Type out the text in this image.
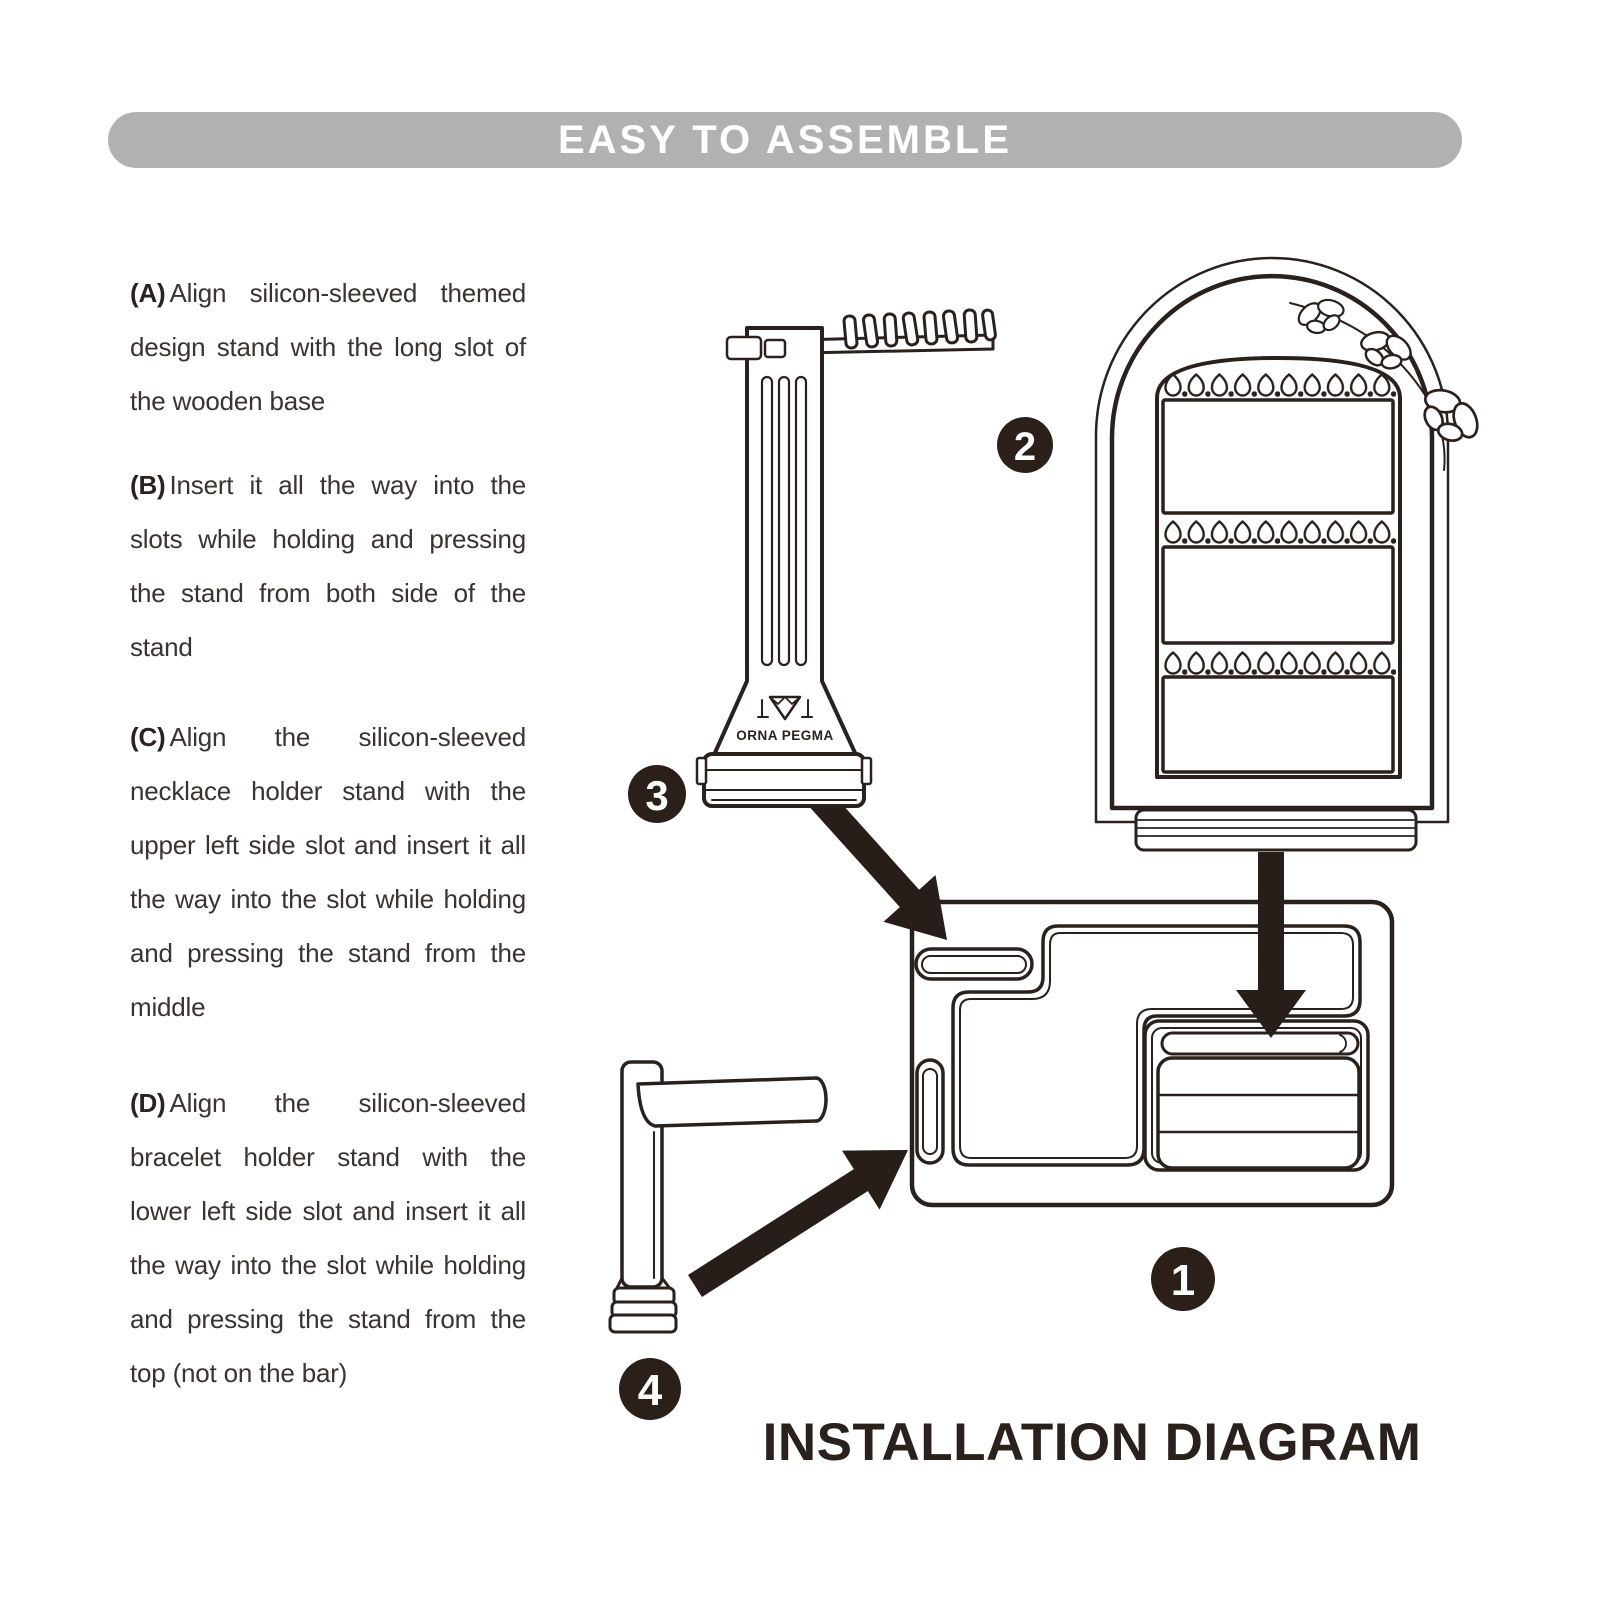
EASY TO ASSEMBLE

(A) Align silicon-sleeved themed design stand with the long slot of the wooden base

(B) Insert it all the way into the slots while holding and pressing the stand from both side of the stand

(C) Align the silicon-sleeved necklace holder stand with the upper left side slot and insert it all the way into the slot while holding and pressing the stand from the middle

(D) Align the silicon-sleeved bracelet holder stand with the lower left side slot and insert it all the way into the slot while holding and pressing the stand from the top (not on the bar)

ORNA PEGMA
1
2
3
4
INSTALLATION DIAGRAM
